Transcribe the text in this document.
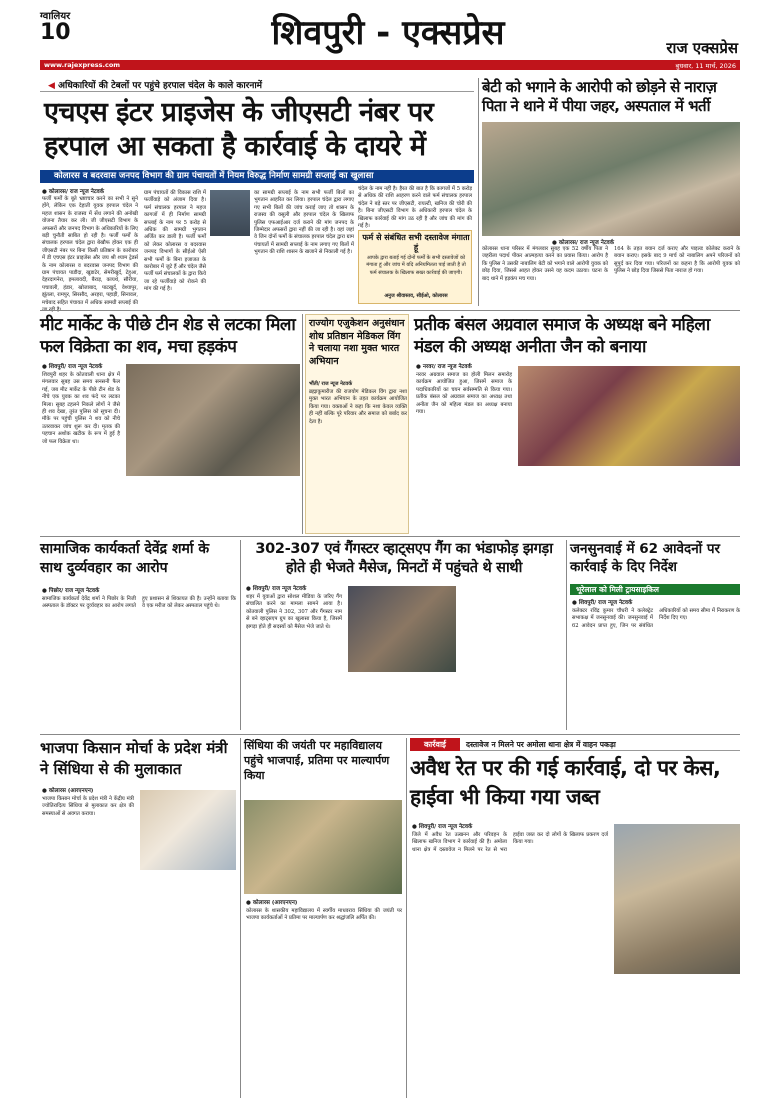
ग्वालियर
10	शिवपुरी - एक्सप्रेस	राज एक्सप्रेस
www.rajexpress.com	बुधवार, 11 मार्च, 2026
◀ अधिकारियों की टेबलों पर पहुंचे हरपाल चंदेल के काले कारनामें
एचएस इंटर प्राइजेस के जीएसटी नंबर पर हरपाल आ सकता है कार्रवाई के दायरे में
कोलारस व बदरवास जनपद विभाग की ग्राम पंचायतों में नियम विरुद्ध निर्माण सामग्री सप्लाई का खुलासा
● कोलारस/ राज न्यूज नेटवर्क
फर्जी फर्मों के बूते भ्रष्टाचार करने का सभी ने सुने होंगे, लेकिन एक देहाती युवक हरपाल चंदेल ने महज शासन के राजस्व में सेंध लगाने की अनोखी योजना तैयार कर ली। जी जीएसटी विभाग के अफसरों और जनपद विभाग के अधिकारियों के लिए बड़ी चुनौती साबित हो रही है। फर्जी फर्मों के संचालक हरपाल चंदेल द्वारा बेखौफ होकर एक ही जीएसटी नंबर पर बिना किसी प्रतिष्ठान के कारोबार में डी एचएस इंटर प्राइजेस और जय श्री श्याम ट्रेडर्स के नाम कोलारस व बदरवास जनपद विभाग की ग्राम पंचायत पाडौदा, खुडाटेर, सेमरीखुर्द, टेहुआ, देहरदागनेरा, इमलावदी, बैराड़, कायथे, सौरीया, पचावली, हंडार, खोजाबाद, पाटखुर्द, वेश्यापुर, झूंतला, रामपुर, सिरसौद, अरहरा, पहाड़ी, सिनावल, मचेबाद सहित पंचायत में अधिक सामग्री सप्लाई की
ग्राम पंचायतों की विकास राशि में फर्जीवाड़े को अंजाम दिया है। फर्म संचालक हरपाल ने महज कागजों में ही निर्माण सामग्री सप्लाई के नाम पर 5 करोड़ से अधिक की सामग्री भुगतान अर्जित कर डाली है। फर्जी फर्मों को लेकर कोलारस व बदरवास जनपद विभागों के सीईओ ऐसी सभी फर्मों के बिना इजाजत के कारोबार में जुटे हैं और चंदेल जैसे फर्जी फर्म संचालकों के द्वारा किये जा रहे फर्जीवाड़े को रोकने की मांग की गई है।
का सामग्री सप्लाई के नाम सभी फर्जी बिलों का भुगतान आहरित कर लिया। हरपाल चंदेल द्वारा लगाए गए सभी बिलों की जांच कराई जाए तो शासन के राजस्व की वसूली और हरपाल चंदेल के खिलाफ पुलिस एफआईआर दर्ज कराने की मांग जनपद के जिम्मेदार अफसरों द्वारा नहीं की जा रही है। वहां जहां वे जिन दोनों फर्मों के संचालक हरपाल चंदेल द्वारा ग्राम पंचायतों में सामग्री सप्लाई के नाम लगाए गए बिलों में भुगतान की राशि शासन के खजाने से निकाली गई है।
चंदेल के नाम नहीं है। हैरत की बात है कि कागजों में 5 करोड़ से अधिक की राशि आहरण करने वाले फर्म संचालक हरपाल चंदेल ने बड़े स्तर पर जीएसटी, रायल्टी, खनिज की चोरी की है। बिना जीएसटी विभाग के अधिकारी हरपाल चंदेल के खिलाफ कार्रवाई की मांग उठ रही है और जांच की मांग की गई है।
फर्म से संबंधित सभी दस्तावेज मंगाता हूं
आपके द्वारा बताई गई दोनों फर्मों के सभी दस्तावेजों को मंगाता हूं और जांच में यदि अनियमितता पाई जाती है तो फर्म संचालक के खिलाफ सख्त कार्रवाई की जाएगी।
अनुज श्रीवास्तव, सीईओ, कोलारस
बेटी को भगाने के आरोपी को छोड़ने से नाराज़ पिता ने थाने में पीया जहर, अस्पताल में भर्ती
● कोलारस/ राज न्यूज नेटवर्क
कोलारस थाना परिसर में मंगलवार सुबह एक 52 वर्षीय पिता ने जहरीला पदार्थ पीकर आत्महत्या करने का प्रयास किया। आरोप है कि पुलिस ने उसकी नाबालिग बेटी को भगाने वाले आरोपी युवक को छोड़ दिया, जिससे आहत होकर उसने यह कदम उठाया। घटना के बाद थाने में हड़कंप मच गया।
164 के तहत बयान दर्ज कराए और पाइल्ड कोलेक्ट कराने के बयान कराए। इसके बाद 9 मार्च को नाबालिग अपने परिजनों को सुपुर्द कर दिया गया। परिजनों का कहना है कि आरोपी युवक को पुलिस ने छोड़ दिया जिससे पिता नाराज हो गया।
मीट मार्केट के पीछे टीन शेड से लटका मिला फल विक्रेता का शव, मचा हड़कंप
● शिवपुरी/ राज न्यूज नेटवर्क
शिवपुरी शहर के कोतवाली थाना क्षेत्र में मंगलवार सुबह उस समय सनसनी फैल गई, जब मीट मार्केट के पीछे टीन शेड के नीचे एक युवक का शव फंदे पर लटका मिला। सुबह टहलने निकले लोगों ने जैसे ही शव देखा, तुरंत पुलिस को सूचना दी। मौके पर पहुंची पुलिस ने शव को नीचे उतरवाकर जांच शुरू कर दी। मृतक की पहचान अशोक खटीक के रूप में हुई है जो फल विक्रेता था।
राज्योग एजुकेशन अनुसंधान शोध प्रतिष्ठान मेडिकल विंग ने चलाया नशा मुक्त भारत अभियान
भौंती/ राज न्यूज नेटवर्क
ब्रह्माकुमारीज की राजयोग मेडिकल विंग द्वारा नशा मुक्त भारत अभियान के तहत कार्यक्रम आयोजित किया गया। वक्ताओं ने कहा कि नशा केवल व्यक्ति ही नहीं बल्कि पूरे परिवार और समाज को बर्बाद कर देता है।
प्रतीक बंसल अग्रवाल समाज के अध्यक्ष बने महिला मंडल की अध्यक्ष अनीता जैन को बनाया
● नरवर/ राज न्यूज नेटवर्क
नरवर अग्रवाल समाज का होली मिलन समारोह कार्यक्रम आयोजित हुआ, जिसमें समाज के पदाधिकारियों का चयन सर्वसम्मति से किया गया। प्रतीक बंसल को अग्रवाल समाज का अध्यक्ष तथा अनीता जैन को महिला मंडल का अध्यक्ष बनाया गया।
सामाजिक कार्यकर्ता देवेंद्र शर्मा के साथ दुर्व्यवहार का आरोप
● पिछोर/ राज न्यूज नेटवर्क
सामाजिक कार्यकर्ता देवेंद्र शर्मा ने पिछोर के निजी अस्पताल के डॉक्टर पर दुर्व्यवहार का आरोप लगाते हुए प्रशासन से शिकायत की है। उन्होंने बताया कि वे एक मरीज को लेकर अस्पताल पहुंचे थे।
302-307 एवं गैंगस्टर व्हाट्सएप गैंग का भंडाफोड़ झगड़ा होते ही भेजते मैसेज, मिनटों में पहुंचते थे साथी
● शिवपुरी/ राज न्यूज नेटवर्क
शहर में युवाओं द्वारा सोशल मीडिया के जरिए गैंग संचालित करने का मामला सामने आया है। कोतवाली पुलिस ने 302, 307 और गैंगस्टर नाम से बने व्हाट्सएप ग्रुप का खुलासा किया है, जिसमें झगड़ा होते ही सदस्यों को मैसेज भेजे जाते थे।
जनसुनवाई में 62 आवेदनों पर कार्रवाई के दिए निर्देश
भूरेलाल को मिली ट्रायसाइकिल
● शिवपुरी/ राज न्यूज नेटवर्क
कलेक्टर रविंद्र कुमार चौधरी ने कलेक्ट्रेट सभाकक्ष में जनसुनवाई की। जनसुनवाई में 62 आवेदन प्राप्त हुए, जिन पर संबंधित अधिकारियों को समय सीमा में निराकरण के निर्देश दिए गए।
भाजपा किसान मोर्चा के प्रदेश मंत्री ने सिंधिया से की मुलाकात
● कोलारस (आरएनएन)
भाजपा किसान मोर्चा के प्रदेश मंत्री ने केंद्रीय मंत्री ज्योतिरादित्य सिंधिया से मुलाकात कर क्षेत्र की समस्याओं से अवगत कराया।
सिंधिया की जयंती पर महाविद्यालय पहुंचे भाजपाई, प्रतिमा पर माल्यार्पण किया
● कोलारस (आरएनएन)
कोलारस के शासकीय महाविद्यालय में स्वर्गीय माधवराव सिंधिया की जयंती पर भाजपा कार्यकर्ताओं ने प्रतिमा पर माल्यार्पण कर श्रद्धांजलि अर्पित की।
कार्रवाई	दस्तावेज न मिलने पर अमोला थाना क्षेत्र में वाहन पकड़ा
अवैध रेत पर की गई कार्रवाई, दो पर केस, हाईवा भी किया गया जब्त
● शिवपुरी/ राज न्यूज नेटवर्क
जिले में अवैध रेत उत्खनन और परिवहन के खिलाफ खनिज विभाग ने कार्रवाई की है। अमोला थाना क्षेत्र में दस्तावेज न मिलने पर रेत से भरा हाईवा जब्त कर दो लोगों के खिलाफ प्रकरण दर्ज किया गया।
